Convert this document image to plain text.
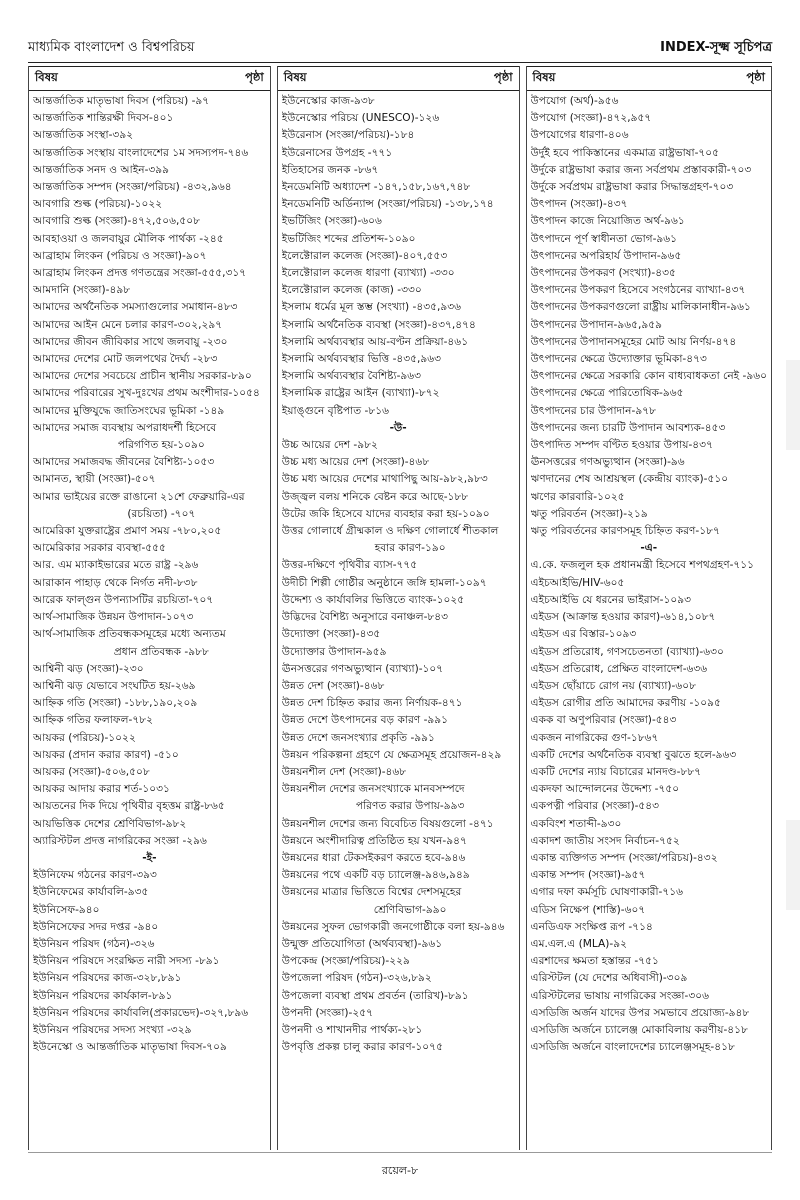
মাধ্যমিক বাংলাদেশ ও বিশ্বপরিচয়	INDEX-সূক্ষ্ম সূচিপত্র
বিষয়	পৃষ্ঠা
আন্তর্জাতিক মাতৃভাষা দিবস (পরিচয়) -৯৭
আন্তর্জাতিক শান্তিরক্ষী দিবস-৪০১
আন্তর্জাতিক সংস্থা-৩৯২
আন্তর্জাতিক সংস্থায় বাংলাদেশের ১ম সদস্যপদ-৭৪৬
আন্তর্জাতিক সনদ ও আইন-৩৯৯
আন্তর্জাতিক সম্পদ (সংজ্ঞা/পরিচয়) -৪৩২,৯৬৪
আবগারি শুল্ক (পরিচয়)-১০২২
আবগারি শুল্ক (সংজ্ঞা)-৪৭২,৫০৬,৫০৮
আবহাওয়া ও জলবায়ুর মৌলিক পার্থক্য -২৪৫
আব্রাহাম লিংকন (পরিচয় ও সংজ্ঞা)-৯০৭
আব্রাহাম লিংকন প্রদত্ত গণতন্ত্রের সংজ্ঞা-৫৫৫,৩১৭
আমদানি (সংজ্ঞা)-৪৯৮
আমাদের অর্থনৈতিক সমস্যাগুলোর সমাধান-৪৮৩
আমাদের আইন মেনে চলার কারণ-৩০২,২৯৭
আমাদের জীবন জীবিকার সাথে জলবায়ু -২৩০
আমাদের দেশের মোট জলপথের দৈর্ঘ্য -২৮৩
আমাদের দেশের সবচেয়ে প্রাচীন স্থানীয় সরকার-৮৯০
আমাদের পরিবারের সুখ-দুঃখের প্রথম অংশীদার-১০৫৪
আমাদের মুক্তিযুদ্ধে জাতিসংঘের ভূমিকা -১৪৯
আমাদের সমাজ ব্যবস্থায় অপরাধদর্শী হিসেবে
পরিগণিত হয়-১০৯০
আমাদের সমাজবদ্ধ জীবনের বৈশিষ্ট্য-১০৫৩
আমানত, স্থায়ী (সংজ্ঞা)-৫০৭
আমার ভাইয়ের রক্তে রাঙানো ২১শে ফেব্রুয়ারি-এর
(রচয়িতা) -৭০৭
আমেরিকা যুক্তরাষ্ট্রের প্রমাণ সময় -৭৮০,২০৫
আমেরিকার সরকার ব্যবস্থা-৫৫৫
আর. এম ম্যাকাইভারের মতে রাষ্ট্র -২৯৬
আরাকান পাহাড় থেকে নির্গত নদী-৮৩৮
আরেক ফাল্গুন উপন্যাসটির রচয়িতা-৭০৭
আর্থ-সামাজিক উন্নয়ন উপাদান-১০৭৩
আর্থ-সামাজিক প্রতিবন্ধকসমূহের মধ্যে অন্যতম
প্রধান প্রতিবন্ধক -৯৮৮
আশ্বিনী ঝড় (সংজ্ঞা)-২৩০
আশ্বিনী ঝড় যেভাবে সংঘটিত হয়-২৬৯
আহ্নিক গতি (সংজ্ঞা) -১৮৮,১৯০,২০৯
আহ্নিক গতির ফলাফল-৭৮২
আয়কর (পরিচয়)-১০২২
আয়কর (প্রদান করার কারণ) -৫১০
আয়কর (সংজ্ঞা)-৫০৬,৫০৮
আয়কর আদায় করার শর্ত-১০৩১
আয়তনের দিক দিয়ে পৃথিবীর বৃহত্তম রাষ্ট্র-৮৬৫
আয়ভিত্তিক দেশের শ্রেণিবিভাগ-৯৮২
অ্যারিস্টটল প্রদত্ত নাগরিকের সংজ্ঞা -২৯৬
-ই-
ইউনিফেম গঠনের কারণ-৩৯৩
ইউনিফেমের কার্যাবলি-৯৩৫
ইউনিসেফ-৯৪০
ইউনিসেফের সদর দপ্তর -৯৪০
ইউনিয়ন পরিষদ (গঠন)-৩২৬
ইউনিয়ন পরিষদে সংরক্ষিত নারী সদস্য -৮৯১
ইউনিয়ন পরিষদের কাজ-৩২৮,৮৯১
ইউনিয়ন পরিষদের কার্যকাল-৮৯১
ইউনিয়ন পরিষদের কার্যাবলি(প্রকারভেদ)-৩২৭,৮৯৬
ইউনিয়ন পরিষদের সদস্য সংখ্যা -৩২৯
ইউনেস্কো ও আন্তর্জাতিক মাতৃভাষা দিবস-৭০৯
বিষয়	পৃষ্ঠা
ইউনেস্কোর কাজ-৯৩৮
ইউনেস্কোর পরিচয় (UNESCO)-১২৬
ইউরেনাস (সংজ্ঞা/পরিচয়)-১৮৪
ইউরেনাসের উপগ্রহ -৭৭১
ইতিহাসের জনক -৮৬৭
ইনডেমনিটি অধ্যাদেশ -১৪৭,১৫৮,১৬৭,৭৪৮
ইনডেমনিটি অর্ডিন্যান্স (সংজ্ঞা/পরিচয়) -১৩৮,১৭৪
ইভটিজিং (সংজ্ঞা)-৬০৬
ইভটিজিং শব্দের প্রতিশব্দ-১০৯০
ইলেক্টোরাল কলেজ (সংজ্ঞা)-৪০৭,৫৫৩
ইলেক্টোরাল কলেজ ধারণা (ব্যাখ্যা) -৩৩০
ইলেক্টোরাল কলেজ (কাজ) -৩৩০
ইসলাম ধর্মের মূল স্তম্ভ (সংখ্যা) -৪৩৫,৯৩৬
ইসলামি অর্থনৈতিক ব্যবস্থা (সংজ্ঞা)-৪৩৭,৪৭৪
ইসলামি অর্থব্যবস্থার আয়-বণ্টন প্রক্রিয়া-৪৬১
ইসলামি অর্থব্যবস্থার ভিত্তি -৪৩৫,৯৬৩
ইসলামি অর্থব্যবস্থার বৈশিষ্ট্য-৯৬৩
ইসলামিক রাষ্ট্রের আইন (ব্যাখ্যা)-৮৭২
ইয়াঙ্গুনে বৃষ্টিপাত -৮১৬
-উ-
উচ্চ আয়ের দেশ -৯৮২
উচ্চ মধ্য আয়ের দেশ (সংজ্ঞা)-৪৬৮
উচ্চ মধ্য আয়ের দেশের মাথাপিছু আয়-৯৮২,৯৮৩
উজ্জ্বল বলয় শনিকে বেষ্টন করে আছে-১৮৮
উটের জকি হিসেবে যাদের ব্যবহার করা হয়-১০৯০
উত্তর গোলার্ধে গ্রীষ্মকাল ও দক্ষিণ গোলার্ধে শীতকাল
হবার কারণ-১৯০
উত্তর-দক্ষিণে পৃথিবীর ব্যাস-৭৭৫
উদীচী শিল্পী গোষ্ঠীর অনুষ্ঠানে জঙ্গি হামলা-১০৯৭
উদ্দেশ্য ও কার্যাবলির ভিত্তিতে ব্যাংক-১০২৫
উদ্ভিদের বৈশিষ্ট্য অনুসারে বনাঞ্চল-৮৪৩
উদ্যোক্তা (সংজ্ঞা)-৪৩৫
উদ্যোক্তার উপাদান-৯৫৯
ঊনসত্তরের গণঅভ্যুত্থান (ব্যাখ্যা)-১০৭
উন্নত দেশ (সংজ্ঞা)-৪৬৮
উন্নত দেশ চিহ্নিত করার জন্য নির্ণায়ক-৪৭১
উন্নত দেশে উৎপাদনের বড় কারণ -৯৯১
উন্নত দেশে জনসংখ্যার প্রকৃতি -৯৯১
উন্নয়ন পরিকল্পনা গ্রহণে যে ক্ষেত্রসমূহ প্রয়োজন-৪২৯
উন্নয়নশীল দেশ (সংজ্ঞা)-৪৬৮
উন্নয়নশীল দেশের জনসংখ্যাকে মানবসম্পদে
পরিণত করার উপায়-৯৯৩
উন্নয়নশীল দেশের জন্য বিবেচিত বিষয়গুলো -৪৭১
উন্নয়নে অংশীদারিত্ব প্রতিষ্ঠিত হয় যখন-৯৪৭
উন্নয়নের ধারা টেকসইকরণ করতে হবে-৯৪৬
উন্নয়নের পথে একটি বড় চ্যালেঞ্জ-৯৪৬,৯৪৯
উন্নয়নের মাত্রার ভিত্তিতে বিশ্বের দেশসমূহের
শ্রেণিবিভাগ-৯৯০
উন্নয়নের সুফল ভোগকারী জনগোষ্ঠীকে বলা হয়-৯৪৬
উন্মুক্ত প্রতিযোগিতা (অর্থব্যবস্থা)-৯৬১
উপকেন্দ্র (সংজ্ঞা/পরিচয়)-২২৯
উপজেলা পরিষদ (গঠন)-৩২৬,৮৯২
উপজেলা ব্যবস্থা প্রথম প্রবর্তন (তারিখ)-৮৯১
উপনদী (সংজ্ঞা)-২৫৭
উপনদী ও শাখানদীর পার্থক্য-২৮১
উপবৃত্তি প্রকল্প চালু করার কারণ-১০৭৫
বিষয়	পৃষ্ঠা
উপযোগ (অর্থ)-৯৫৬
উপযোগ (সংজ্ঞা)-৪৭২,৯৫৭
উপযোগের ধারণা-৪০৬
উর্দুই হবে পাকিস্তানের একমাত্র রাষ্ট্রভাষা-৭০৫
উর্দুকে রাষ্ট্রভাষা করার জন্য সর্বপ্রথম প্রস্তাবকারী-৭০৩
উর্দুকে সর্বপ্রথম রাষ্ট্রভাষা করার সিদ্ধান্তগ্রহণ-৭০৩
উৎপাদন (সংজ্ঞা)-৪৩৭
উৎপাদন কাজে নিয়োজিত অর্থ-৯৬১
উৎপাদনে পূর্ণ স্বাধীনতা ভোগ-৯৬১
উৎপাদনের অপরিহার্য উপাদান-৯৬৫
উৎপাদনের উপকরণ (সংখ্যা)-৪৩৫
উৎপাদনের উপকরণ হিসেবে সংগঠনের ব্যাখ্যা-৪৩৭
উৎপাদনের উপকরণগুলো রাষ্ট্রীয় মালিকানাধীন-৯৬১
উৎপাদনের উপাদান-৯৬৫,৯৫৯
উৎপাদনের উপাদানসমূহের মোট আয় নির্ণয়-৪৭৪
উৎপাদনের ক্ষেত্রে উদ্যোক্তার ভূমিকা-৪৭৩
উৎপাদনের ক্ষেত্রে সরকারি কোন বাধ্যবাধকতা নেই -৯৬০
উৎপাদনের ক্ষেত্রে পারিতোষিক-৯৬৫
উৎপাদনের চার উপাদান-৯৭৮
উৎপাদনের জন্য চারটি উপাদান আবশ্যক-৪৫৩
উৎপাদিত সম্পদ বণ্টিত হওয়ার উপায়-৪৩৭
ঊনসত্তরের গণঅভ্যুত্থান (সংজ্ঞা)-৯৬
ঋণদানের শেষ আশ্রয়স্থল (কেন্দ্রীয় ব্যাংক)-৫১০
ঋণের কারবারি-১০২৫
ঋতু পরিবর্তন (সংজ্ঞা)-২১৯
ঋতু পরিবর্তনের কারণসমূহ চিহ্নিত করণ-১৮৭
-এ-
এ.কে. ফজলুল হক প্রধানমন্ত্রী হিসেবে শপথগ্রহণ-৭১১
এইচআইভি/HIV-৬০৫
এইচআইভি যে ধরনের ভাইরাস-১০৯৩
এইডস (আক্রান্ত হওয়ার কারণ)-৬১৪,১০৮৭
এইডস এর বিস্তার-১০৯৩
এইডস প্রতিরোধ, গণসচেতনতা (ব্যাখ্যা)-৬৩০
এইডস প্রতিরোধ, প্রেক্ষিত বাংলাদেশ-৬৩৬
এইডস ছোঁয়াচে রোগ নয় (ব্যাখ্যা)-৬০৮
এইডস রোগীর প্রতি আমাদের করণীয় -১০৯৫
একক বা অণুপরিবার (সংজ্ঞা)-৫৪৩
একজন নাগরিকের গুণ-১৮৬৭
একটি দেশের অর্থনৈতিক ব্যবস্থা বুঝতে হলে-৯৬৩
একটি দেশের ন্যায় বিচারের মানদণ্ড-৮৮৭
একদফা আন্দোলনের উদ্দেশ্য -৭৫০
একপত্নী পরিবার (সংজ্ঞা)-৫৪৩
একবিংশ শতাব্দী-৯৩০
একাদশ জাতীয় সংসদ নির্বাচন-৭৫২
একান্ত ব্যক্তিগত সম্পদ (সংজ্ঞা/পরিচয়)-৪৩২
একান্ত সম্পদ (সংজ্ঞা)-৯৫৭
এগার দফা কর্মসূচি ঘোষণাকারী-৭১৬
এডিস নিক্ষেপ (শাস্তি)-৬০৭
এনডিএফ সংক্ষিপ্ত রূপ -৭১৪
এম.এল.এ (MLA)-৯২
এরশাদের ক্ষমতা হস্তান্তর -৭৫১
এরিস্টটল (যে দেশের অধিবাসী)-৩০৯
এরিস্টটলের ভাষায় নাগরিকের সংজ্ঞা-৩০৬
এসডিজি অর্জন যাদের উপর সমভাবে প্রয়োজ্য-৯৪৮
এসডিজি অর্জনে চ্যালেঞ্জ মোকাবিলায় করণীয়-৪১৮
এসডিজি অর্জনে বাংলাদেশের চ্যালেঞ্জসমূহ-৪১৮
রয়েল-৮
